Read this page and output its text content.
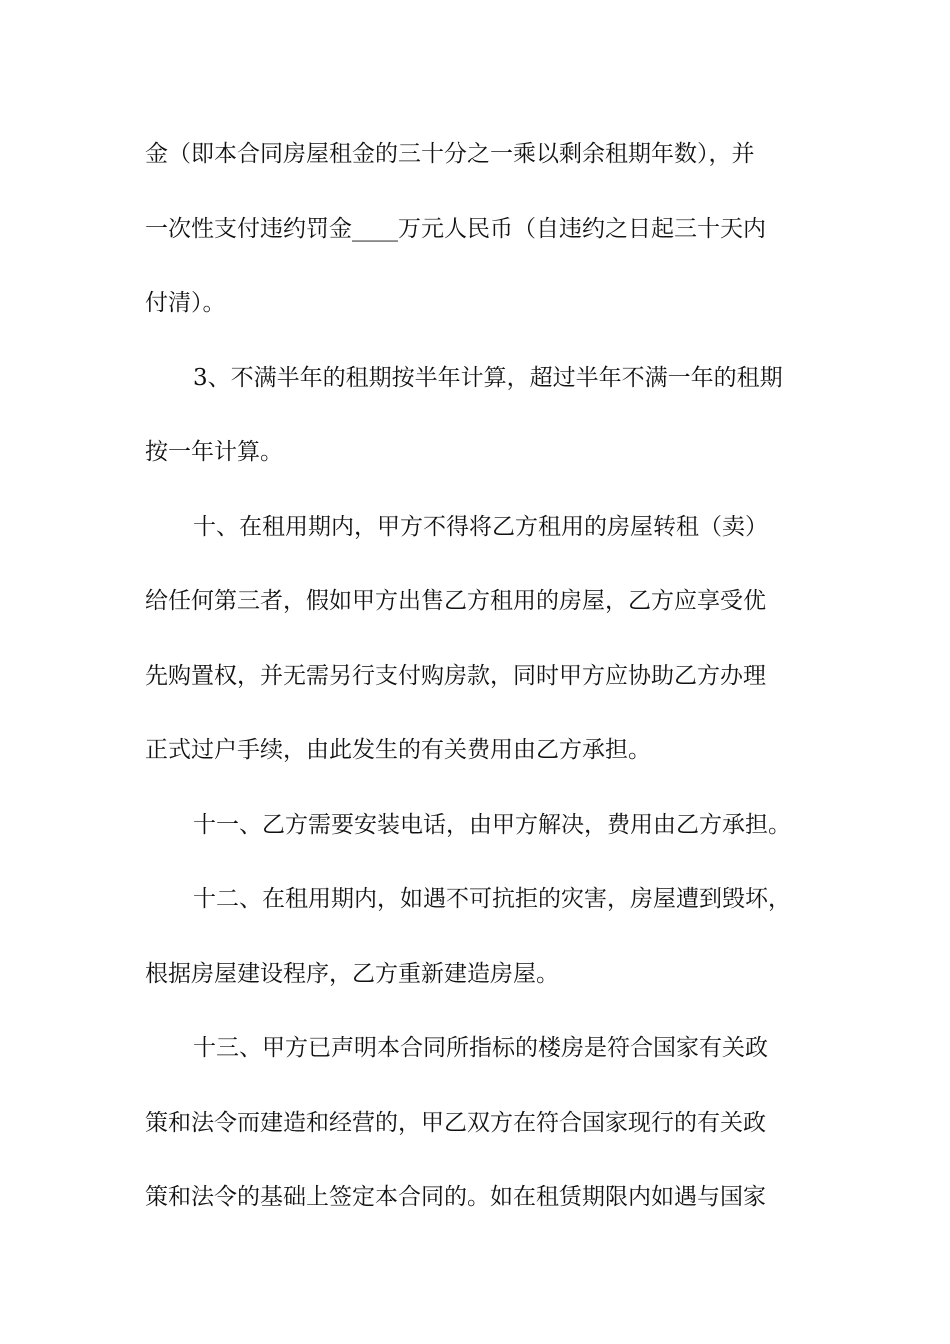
金（即本合同房屋租金的三十分之一乘以剩余租期年数），并
一次性支付违约罚金____万元人民币（自违约之日起三十天内
付清）。
3、不满半年的租期按半年计算，超过半年不满一年的租期
按一年计算。
十、在租用期内，甲方不得将乙方租用的房屋转租（卖）
给任何第三者，假如甲方出售乙方租用的房屋，乙方应享受优
先购置权，并无需另行支付购房款，同时甲方应协助乙方办理
正式过户手续，由此发生的有关费用由乙方承担。
十一、乙方需要安装电话，由甲方解决，费用由乙方承担。
十二、在租用期内，如遇不可抗拒的灾害，房屋遭到毁坏，
根据房屋建设程序，乙方重新建造房屋。
十三、甲方已声明本合同所指标的楼房是符合国家有关政
策和法令而建造和经营的，甲乙双方在符合国家现行的有关政
策和法令的基础上签定本合同的。如在租赁期限内如遇与国家
